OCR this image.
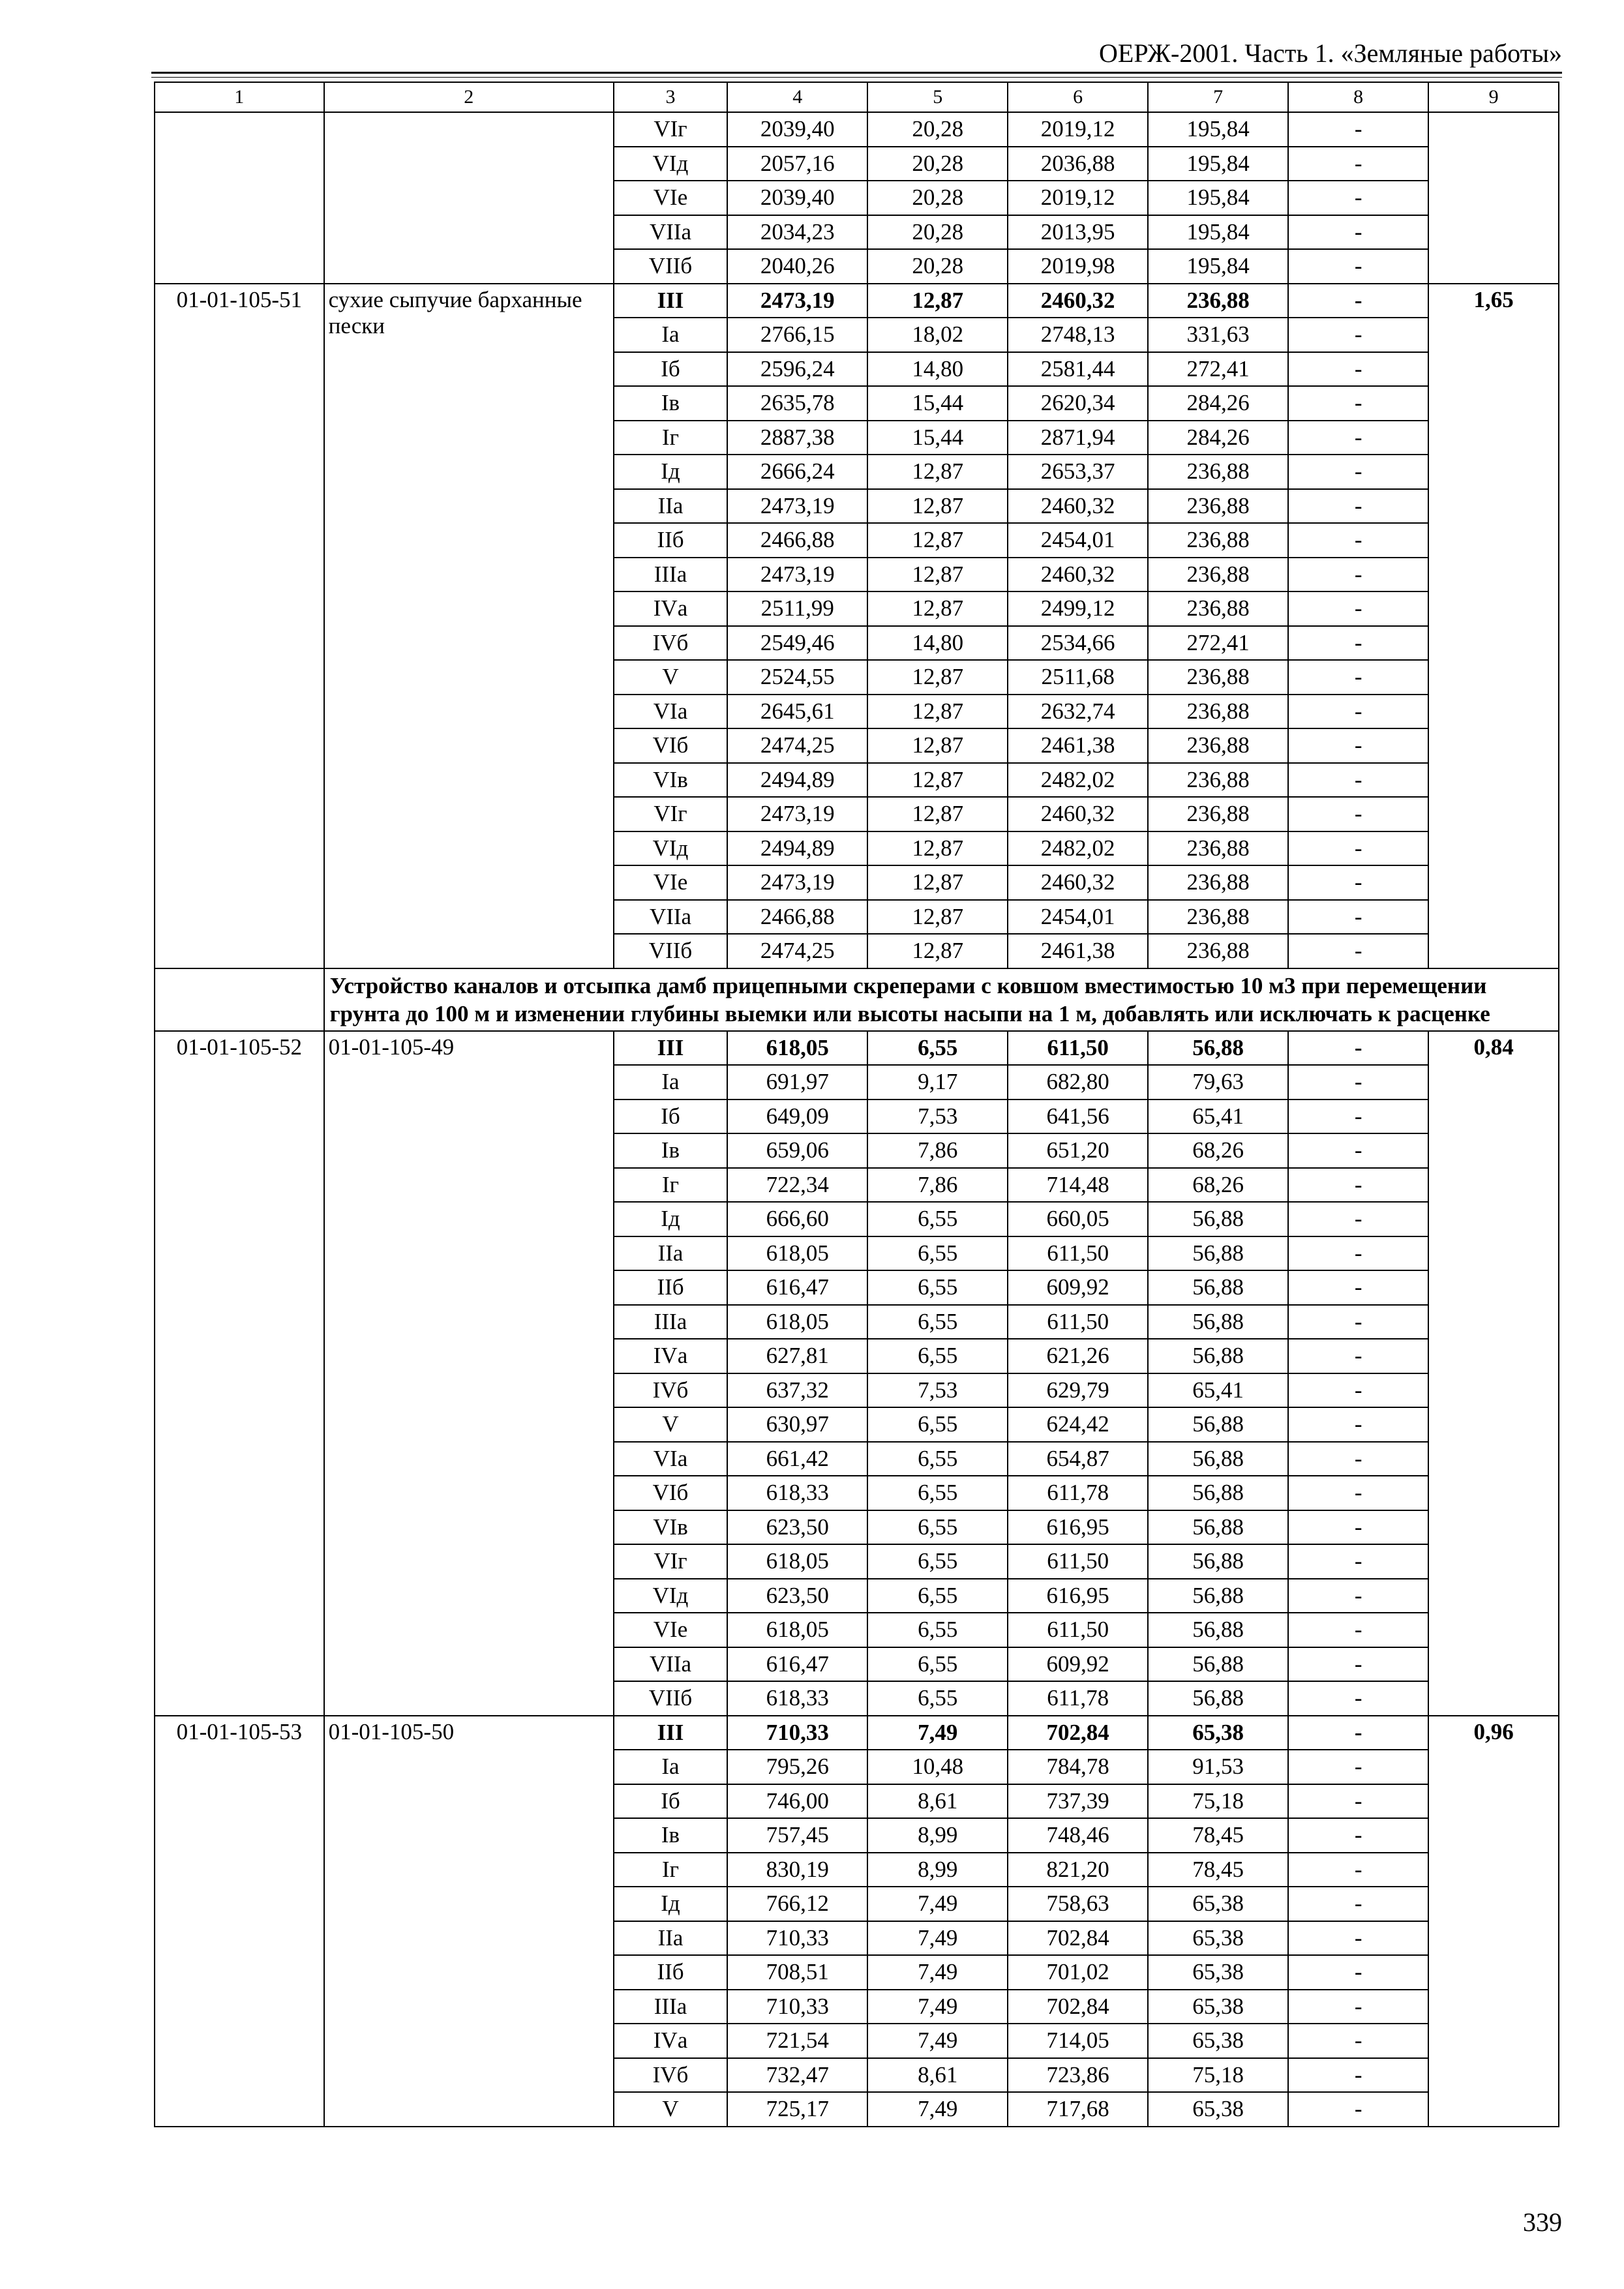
ОЕРЖ-2001. Часть 1. «Земляные работы»
1	2	3	4	5	6	7	8	9
		VIг	2039,40	20,28	2019,12	195,84	-	
		VIд	2057,16	20,28	2036,88	195,84	-	
		VIе	2039,40	20,28	2019,12	195,84	-	
		VIIа	2034,23	20,28	2013,95	195,84	-	
		VIIб	2040,26	20,28	2019,98	195,84	-	
01-01-105-51	сухие сыпучие барханные пески	III	2473,19	12,87	2460,32	236,88	-	1,65
		Iа	2766,15	18,02	2748,13	331,63	-	
		Iб	2596,24	14,80	2581,44	272,41	-	
		Iв	2635,78	15,44	2620,34	284,26	-	
		Iг	2887,38	15,44	2871,94	284,26	-	
		Iд	2666,24	12,87	2653,37	236,88	-	
		IIа	2473,19	12,87	2460,32	236,88	-	
		IIб	2466,88	12,87	2454,01	236,88	-	
		IIIа	2473,19	12,87	2460,32	236,88	-	
		IVа	2511,99	12,87	2499,12	236,88	-	
		IVб	2549,46	14,80	2534,66	272,41	-	
		V	2524,55	12,87	2511,68	236,88	-	
		VIа	2645,61	12,87	2632,74	236,88	-	
		VIб	2474,25	12,87	2461,38	236,88	-	
		VIв	2494,89	12,87	2482,02	236,88	-	
		VIг	2473,19	12,87	2460,32	236,88	-	
		VIд	2494,89	12,87	2482,02	236,88	-	
		VIе	2473,19	12,87	2460,32	236,88	-	
		VIIа	2466,88	12,87	2454,01	236,88	-	
		VIIб	2474,25	12,87	2461,38	236,88	-	
	Устройство каналов и отсыпка дамб прицепными скреперами с ковшом вместимостью 10 м3 при перемещении грунта до 100 м и изменении глубины выемки или высоты насыпи на 1 м, добавлять или исключать к расценке							
01-01-105-52	01-01-105-49	III	618,05	6,55	611,50	56,88	-	0,84
		Iа	691,97	9,17	682,80	79,63	-	
		Iб	649,09	7,53	641,56	65,41	-	
		Iв	659,06	7,86	651,20	68,26	-	
		Iг	722,34	7,86	714,48	68,26	-	
		Iд	666,60	6,55	660,05	56,88	-	
		IIа	618,05	6,55	611,50	56,88	-	
		IIб	616,47	6,55	609,92	56,88	-	
		IIIа	618,05	6,55	611,50	56,88	-	
		IVа	627,81	6,55	621,26	56,88	-	
		IVб	637,32	7,53	629,79	65,41	-	
		V	630,97	6,55	624,42	56,88	-	
		VIа	661,42	6,55	654,87	56,88	-	
		VIб	618,33	6,55	611,78	56,88	-	
		VIв	623,50	6,55	616,95	56,88	-	
		VIг	618,05	6,55	611,50	56,88	-	
		VIд	623,50	6,55	616,95	56,88	-	
		VIе	618,05	6,55	611,50	56,88	-	
		VIIа	616,47	6,55	609,92	56,88	-	
		VIIб	618,33	6,55	611,78	56,88	-	
01-01-105-53	01-01-105-50	III	710,33	7,49	702,84	65,38	-	0,96
		Iа	795,26	10,48	784,78	91,53	-	
		Iб	746,00	8,61	737,39	75,18	-	
		Iв	757,45	8,99	748,46	78,45	-	
		Iг	830,19	8,99	821,20	78,45	-	
		Iд	766,12	7,49	758,63	65,38	-	
		IIа	710,33	7,49	702,84	65,38	-	
		IIб	708,51	7,49	701,02	65,38	-	
		IIIа	710,33	7,49	702,84	65,38	-	
		IVа	721,54	7,49	714,05	65,38	-	
		IVб	732,47	8,61	723,86	75,18	-	
		V	725,17	7,49	717,68	65,38	-	
339
